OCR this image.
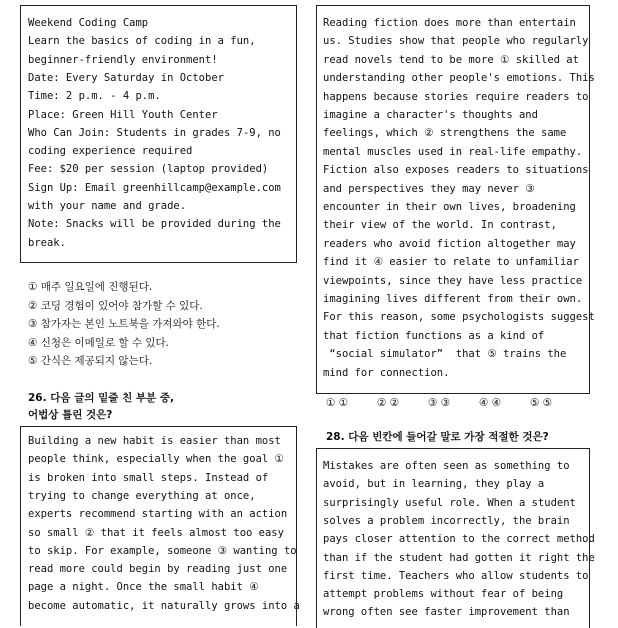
Weekend Coding Camp
Learn the basics of coding in a fun,
beginner-friendly environment!
Date: Every Saturday in October
Time: 2 p.m. - 4 p.m.
Place: Green Hill Youth Center
Who Can Join: Students in grades 7-9, no
coding experience required
Fee: $20 per session (laptop provided)
Sign Up: Email greenhillcamp@example.com
with your name and grade.
Note: Snacks will be provided during the
break.
① 매주 일요일에 진행된다.
② 코딩 경험이 있어야 참가할 수 있다.
③ 참가자는 본인 노트북을 가져와야 한다.
④ 신청은 이메일로 할 수 있다.
⑤ 간식은 제공되지 않는다.
26. 다음 글의 밑줄 친 부분 중,
어법상 틀린 것은?
Building a new habit is easier than most
people think, especially when the goal ①
is broken into small steps. Instead of
trying to change everything at once,
experts recommend starting with an action
so small ② that it feels almost too easy
to skip. For example, someone ③ wanting to
read more could begin by reading just one
page a night. Once the small habit ④
become automatic, it naturally grows into a
Reading fiction does more than entertain
us. Studies show that people who regularly
read novels tend to be more ① skilled at
understanding other people's emotions. This
happens because stories require readers to
imagine a character's thoughts and
feelings, which ② strengthens the same
mental muscles used in real-life empathy.
Fiction also exposes readers to situations
and perspectives they may never ③
encounter in their own lives, broadening
their view of the world. In contrast,
readers who avoid fiction altogether may
find it ④ easier to relate to unfamiliar
viewpoints, since they have less practice
imagining lives different from their own.
For this reason, some psychologists suggest
that fiction functions as a kind of
“social simulator”  that ⑤ trains the
mind for connection.
① ①	② ②	③ ③	④ ④	⑤ ⑤
28. 다음 빈칸에 들어갈 말로 가장 적절한 것은?
Mistakes are often seen as something to
avoid, but in learning, they play a
surprisingly useful role. When a student
solves a problem incorrectly, the brain
pays closer attention to the correct method
than if the student had gotten it right the
first time. Teachers who allow students to
attempt problems without fear of being
wrong often see faster improvement than
